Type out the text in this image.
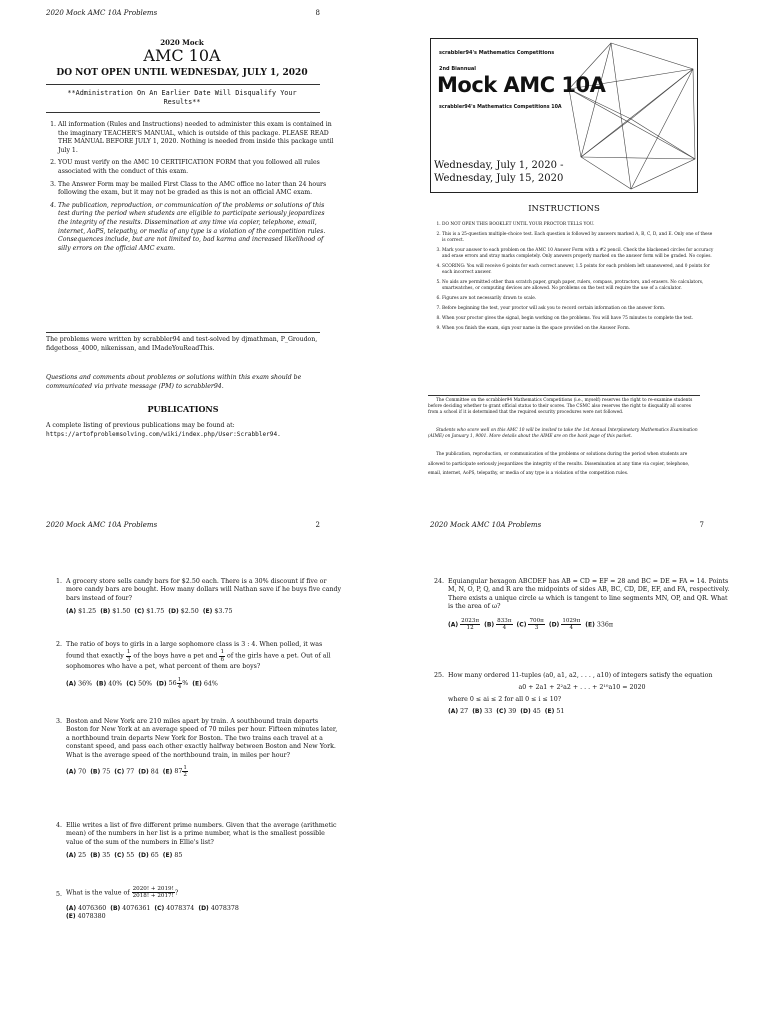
2020 Mock AMC 10A Problems	8
2020 Mock
AMC 10A
DO NOT OPEN UNTIL WEDNESDAY, JULY 1, 2020
**Administration On An Earlier Date Will Disqualify Your
Results**
1. All information (Rules and Instructions) needed to administer this exam is contained in the imaginary TEACHER'S MANUAL, which is outside of this package. PLEASE READ THE MANUAL BEFORE JULY 1, 2020. Nothing is needed from inside this package until July 1.
2. YOU must verify on the AMC 10 CERTIFICATION FORM that you followed all rules associated with the conduct of this exam.
3. The Answer Form may be mailed First Class to the AMC office no later than 24 hours following the exam, but it may not be graded as this is not an official AMC exam.
4. The publication, reproduction, or communication of the problems or solutions of this test during the period when students are eligible to participate seriously jeopardizes the integrity of the results. Dissemination at any time via copier, telephone, email, internet, AoPS, telepathy, or media of any type is a violation of the competition rules. Consequences include, but are not limited to, bad karma and increased likelihood of silly errors on the official AMC exam.
The problems were written by scrabbler94 and test-solved by djmathman, P_Groudon, fidgetboss_4000, nikenissan, and IMadeYouReadThis.
Questions and comments about problems or solutions within this exam should be communicated via private message (PM) to scrabbler94.
PUBLICATIONS
A complete listing of previous publications may be found at:
https://artofproblemsolving.com/wiki/index.php/User:Scrabbler94.
scrabbler94's Mathematics Competitions
2nd Biannual
Mock AMC 10A
scrabbler94's Mathematics Competitions 10A
Wednesday, July 1, 2020 -
Wednesday, July 15, 2020
INSTRUCTIONS
1. DO NOT OPEN THIS BOOKLET UNTIL YOUR PROCTOR TELLS YOU.
2. This is a 25-question multiple-choice test. Each question is followed by answers marked A, B, C, D, and E. Only one of these is correct.
3. Mark your answer to each problem on the AMC 10 Answer Form with a #2 pencil. Check the blackened circles for accuracy and erase errors and stray marks completely. Only answers properly marked on the answer form will be graded. No copies.
4. SCORING: You will receive 6 points for each correct answer, 1.5 points for each problem left unanswered, and 0 points for each incorrect answer.
5. No aids are permitted other than scratch paper, graph paper, rulers, compass, protractors, and erasers. No calculators, smartwatches, or computing devices are allowed. No problems on the test will require the use of a calculator.
6. Figures are not necessarily drawn to scale.
7. Before beginning the test, your proctor will ask you to record certain information on the answer form.
8. When your proctor gives the signal, begin working on the problems. You will have 75 minutes to complete the test.
9. When you finish the exam, sign your name in the space provided on the Answer Form.
The Committee on the scrabbler94 Mathematics Competitions (i.e., myself) reserves the right to re-examine students before deciding whether to grant official status to their scores. The CSMC also reserves the right to disqualify all scores from a school if it is determined that the required security procedures were not followed.
Students who score well on this AMC 10 will be invited to take the 1st Annual Interplanetary Mathematics Examination (AIME) on January 1, 9001. More details about the AIME are on the back page of this packet.
The publication, reproduction, or communication of the problems or solutions during the period when students are allowed to participate seriously jeopardizes the integrity of the results. Dissemination at any time via copier, telephone, email, internet, AoPS, telepathy, or media of any type is a violation of the competition rules.
2020 Mock AMC 10A Problems	2
1. A grocery store sells candy bars for $2.50 each. There is a 30% discount if five or more candy bars are bought. How many dollars will Nathan save if he buys five candy bars instead of four?
(A) $1.25 (B) $1.50 (C) $1.75 (D) $2.50 (E) $3.75
2. The ratio of boys to girls in a large sophomore class is 3 : 4. When polled, it was found that exactly $\frac{1}{3}$ of the boys have a pet and $\frac{1}{6}$ of the girls have a pet. Out of all sophomores who have a pet, what percent of them are boys?
(A) 36% (B) 40% (C) 50% (D) $56 \frac{1}{4}$ % (E) 64%
3. Boston and New York are 210 miles apart by train. A southbound train departs Boston for New York at an average speed of 70 miles per hour. Fifteen minutes later, a northbound train departs New York for Boston. The two trains each travel at a constant speed, and pass each other exactly halfway between Boston and New York. What is the average speed of the northbound train, in miles per hour?
(A) 70 (B) 75 (C) 77 (D) 84 (E) $87 \frac{1}{2}$
4. Ellie writes a list of five different prime numbers. Given that the average (arithmetic mean) of the numbers in her list is a prime number, what is the smallest possible value of the sum of the numbers in Ellie's list?
(A) 25 (B) 35 (C) 55 (D) 65 (E) 85
5. What is the value of $\frac{2020! + 2019!}{2018! + 2017!}$ ?
(A) 4076360 (B) 4076361 (C) 4078374 (D) 4078378
(E) 4078380
2020 Mock AMC 10A Problems	7
24. Equiangular hexagon ABCDEF has AB = CD = EF = 28 and BC = DE = FA = 14. Points M, N, O, P, Q, and R are the midpoints of sides AB, BC, CD, DE, EF, and FA, respectively. There exists a unique circle ω which is tangent to line segments MN, OP, and QR. What is the area of ω?
$(A) \frac{2023\pi}{12} (B) \frac{833\pi}{4} (C) \frac{700\pi}{3} (D) \frac{1029\pi}{4} (E)$ 336π
25. How many ordered 11-tuples (a0, a1, a2, . . . , a10) of integers satisfy the equation
a0 + 2a1 + 2²a2 + . . . + 2¹⁰a10 = 2020
where 0 ≤ ai ≤ 2 for all 0 ≤ i ≤ 10?
(A) 27 (B) 33 (C) 39 (D) 45 (E) 51
